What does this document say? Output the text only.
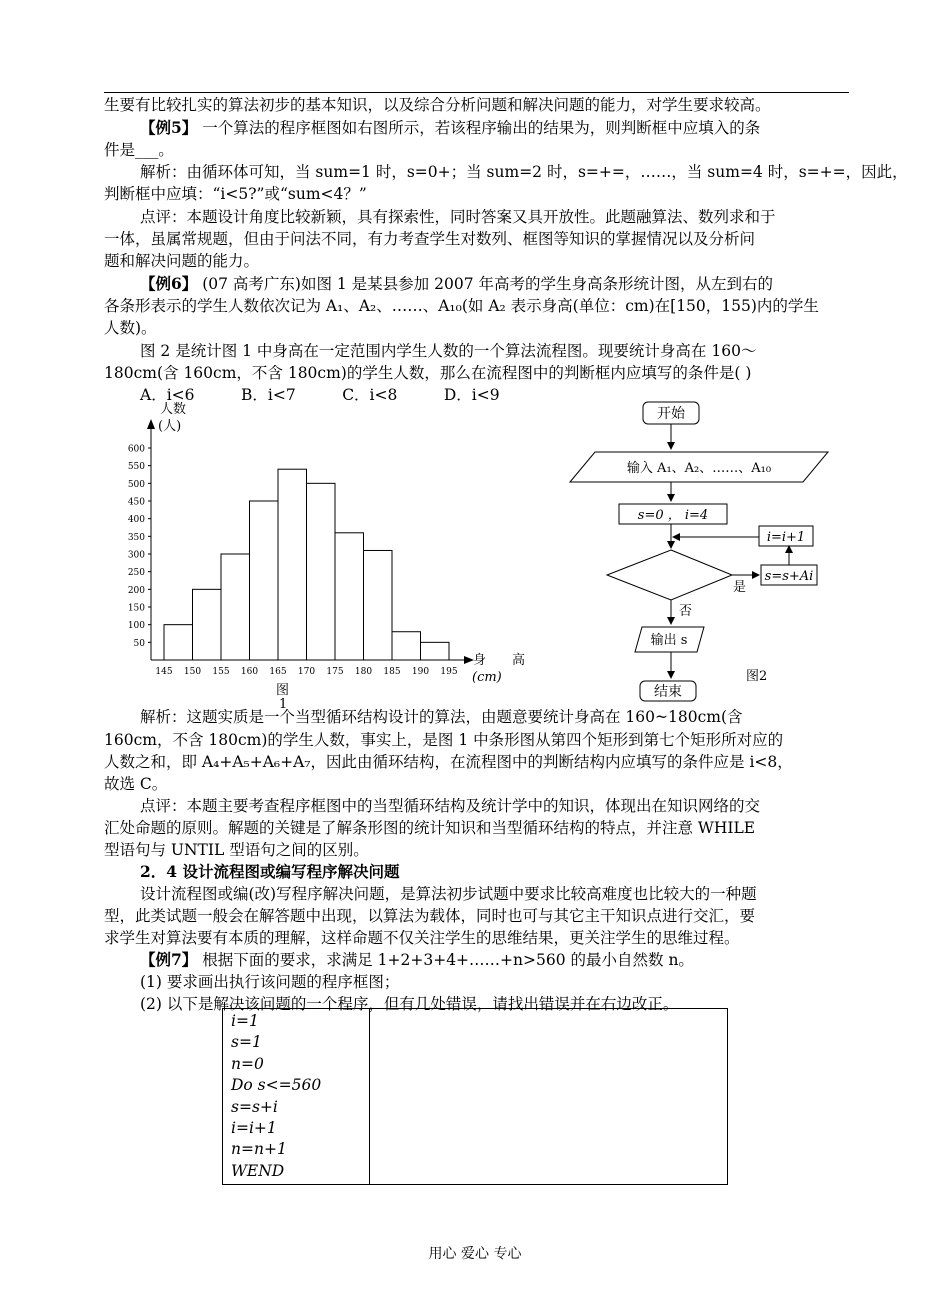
生要有比较扎实的算法初步的基本知识，以及综合分析问题和解决问题的能力，对学生要求较高。
【例5】 一个算法的程序框图如右图所示，若该程序输出的结果为，则判断框中应填入的条
件是___。
解析：由循环体可知，当 sum=1 时，s=0+；当 sum=2 时，s=+=，……，当 sum=4 时，s=+=，因此，
判断框中应填：“i<5?”或“sum<4？”
点评：本题设计角度比较新颖，具有探索性，同时答案又具开放性。此题融算法、数列求和于
一体，虽属常规题，但由于问法不同，有力考查学生对数列、框图等知识的掌握情况以及分析问
题和解决问题的能力。
【例6】 (07 高考广东)如图 1 是某县参加 2007 年高考的学生身高条形统计图，从左到右的
各条形表示的学生人数依次记为 A₁、A₂、……、A₁₀(如 A₂ 表示身高(单位：cm)在[150，155)内的学生
人数)。
图 2 是统计图 1 中身高在一定范围内学生人数的一个算法流程图。现要统计身高在 160～
180cm(含 160cm，不含 180cm)的学生人数，那么在流程图中的判断框内应填写的条件是( )
A．i<6　　　B．i<7　　　C．i<8　　　D．i<9
50
100
150
200
250
300
350
400
450
500
550
600
145 150 155 160 165 170 175 180 185 190 195
人数
(人)
身　　高
(cm)
图
1
开始
输入 A₁、A₂、……、A₁₀
s=0 ， i=4
i=i+1
是
s=s+Ai
否
输出 s
结束
图2
解析：这题实质是一个当型循环结构设计的算法，由题意要统计身高在 160~180cm(含
160cm，不含 180cm)的学生人数，事实上，是图 1 中条形图从第四个矩形到第七个矩形所对应的
人数之和，即 A₄+A₅+A₆+A₇，因此由循环结构，在流程图中的判断结构内应填写的条件应是 i<8，
故选 C。
点评：本题主要考查程序框图中的当型循环结构及统计学中的知识，体现出在知识网络的交
汇处命题的原则。解题的关键是了解条形图的统计知识和当型循环结构的特点，并注意 WHILE
型语句与 UNTIL 型语句之间的区别。
2．4 设计流程图或编写程序解决问题
设计流程图或编(改)写程序解决问题，是算法初步试题中要求比较高难度也比较大的一种题
型，此类试题一般会在解答题中出现，以算法为载体，同时也可与其它主干知识点进行交汇，要
求学生对算法要有本质的理解，这样命题不仅关注学生的思维结果，更关注学生的思维过程。
【例7】 根据下面的要求，求满足 1+2+3+4+……+n>560 的最小自然数 n。
(1) 要求画出执行该问题的程序框图；
(2) 以下是解决该问题的一个程序，但有几处错误，请找出错误并在右边改正。
i=1
s=1
n=0
Do s<=560
s=s+i
i=i+1
n=n+1
WEND

用心 爱心 专心
